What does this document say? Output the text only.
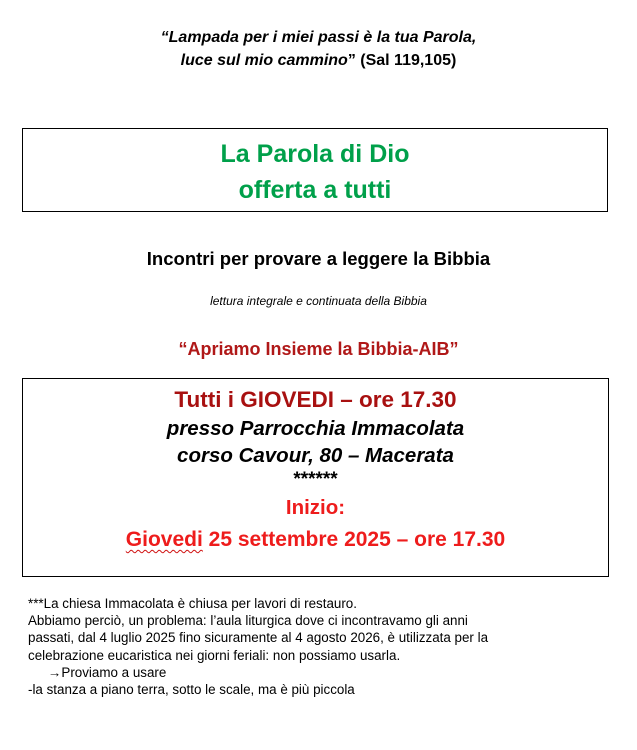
“Lampada per i miei passi è la tua Parola,
luce sul mio cammino” (Sal 119,105)
La Parola di Dio
offerta a tutti
Incontri per provare a leggere la Bibbia
lettura integrale e continuata della Bibbia
“Apriamo Insieme la Bibbia-AIB”
Tutti i GIOVEDI – ore 17.30
presso Parrocchia Immacolata
corso Cavour, 80 – Macerata
******
Inizio:
Giovedi 25 settembre 2025 – ore 17.30
***La chiesa Immacolata è chiusa per lavori di restauro.
Abbiamo perciò, un problema: l’aula liturgica dove ci incontravamo gli anni
passati, dal 4 luglio 2025 fino sicuramente al 4 agosto 2026, è utilizzata per la
celebrazione eucaristica nei giorni feriali: non possiamo usarla.
→Proviamo a usare
-la stanza a piano terra, sotto le scale, ma è più piccola
